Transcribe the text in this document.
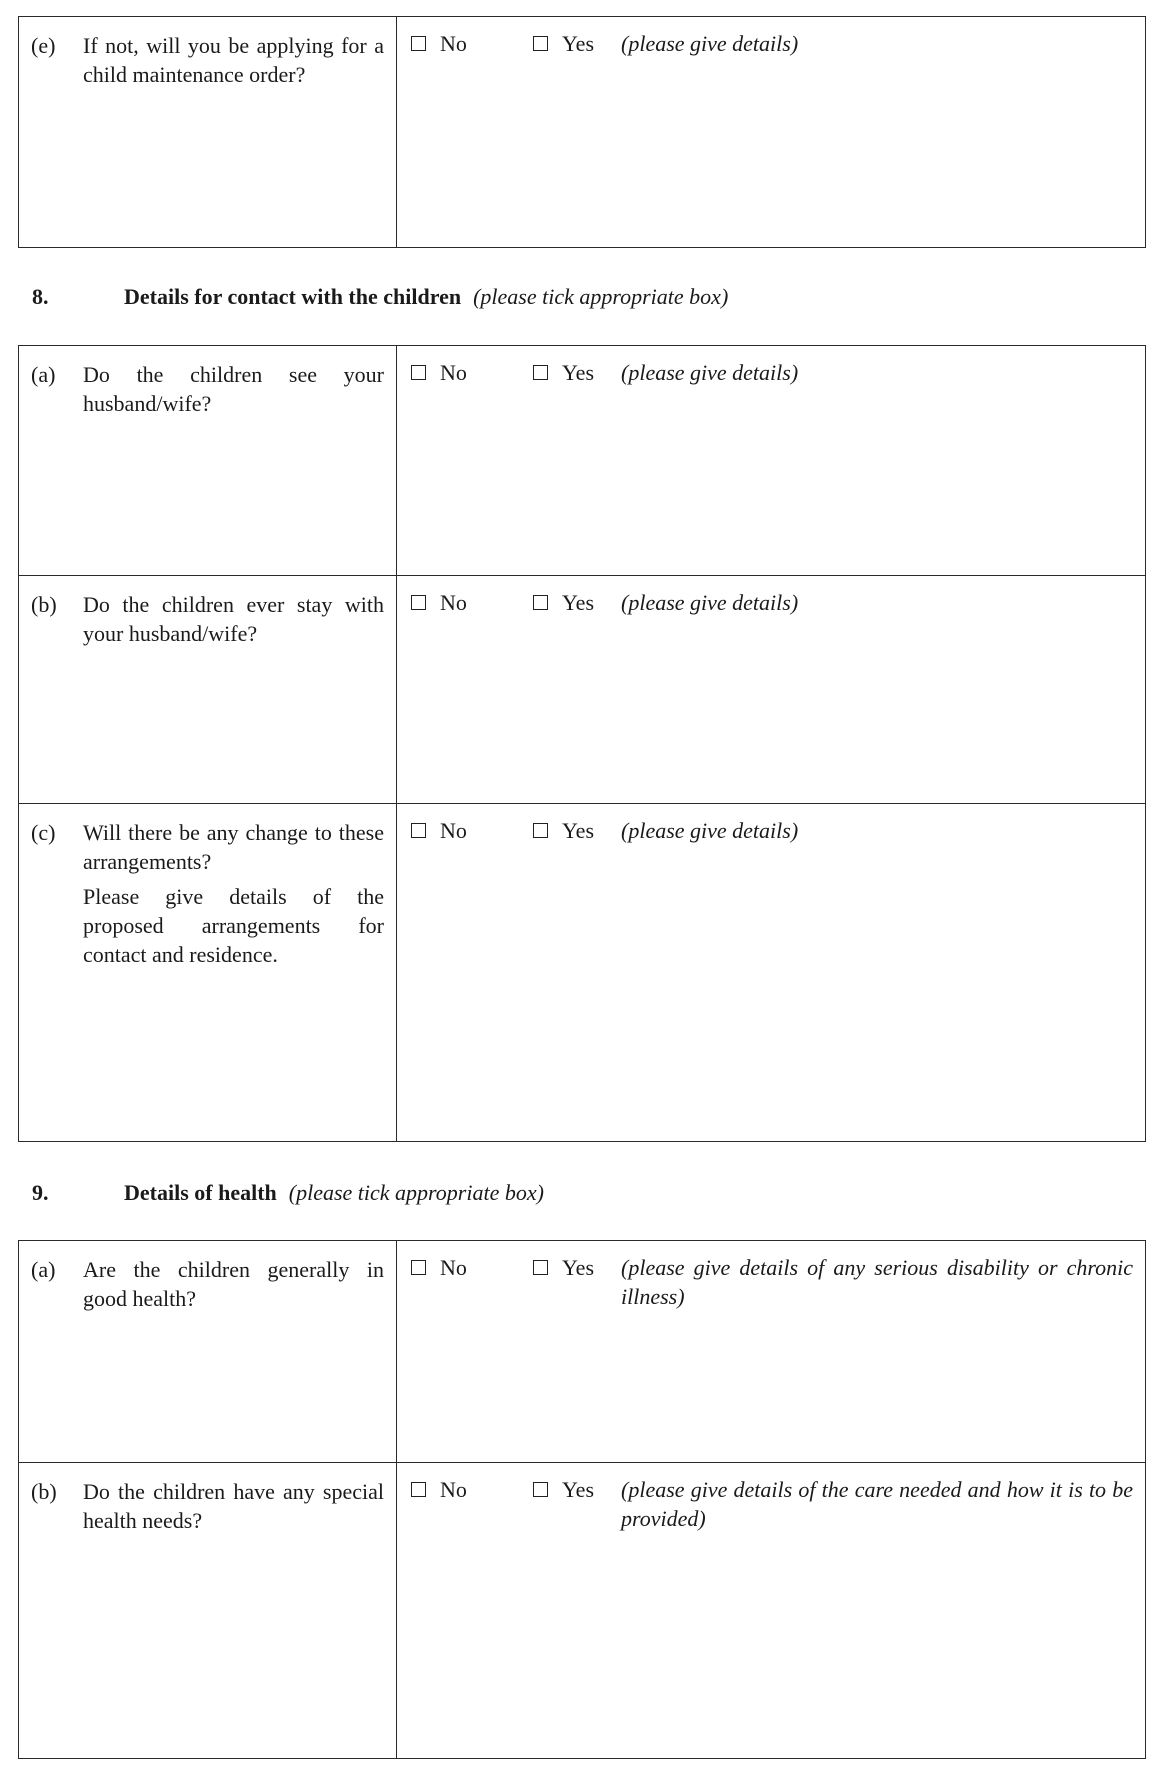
(e)	If not, will you be applying for a child maintenance order?

No	Yes (please give details)
8.	Details for contact with the children (please tick appropriate box)
(a)	Do the children see your husband/wife?

No	Yes (please give details)
(b)	Do the children ever stay with your husband/wife?

No	Yes (please give details)
(c)	Will there be any change to these arrangements?

Please give details of the proposed arrangements for contact and residence.

No	Yes (please give details)
9.	Details of health (please tick appropriate box)
(a)	Are the children generally in good health?

No	Yes (please give details of any serious disability or chronic illness)
(b)	Do the children have any special health needs?

No	Yes (please give details of the care needed and how it is to be provided)
